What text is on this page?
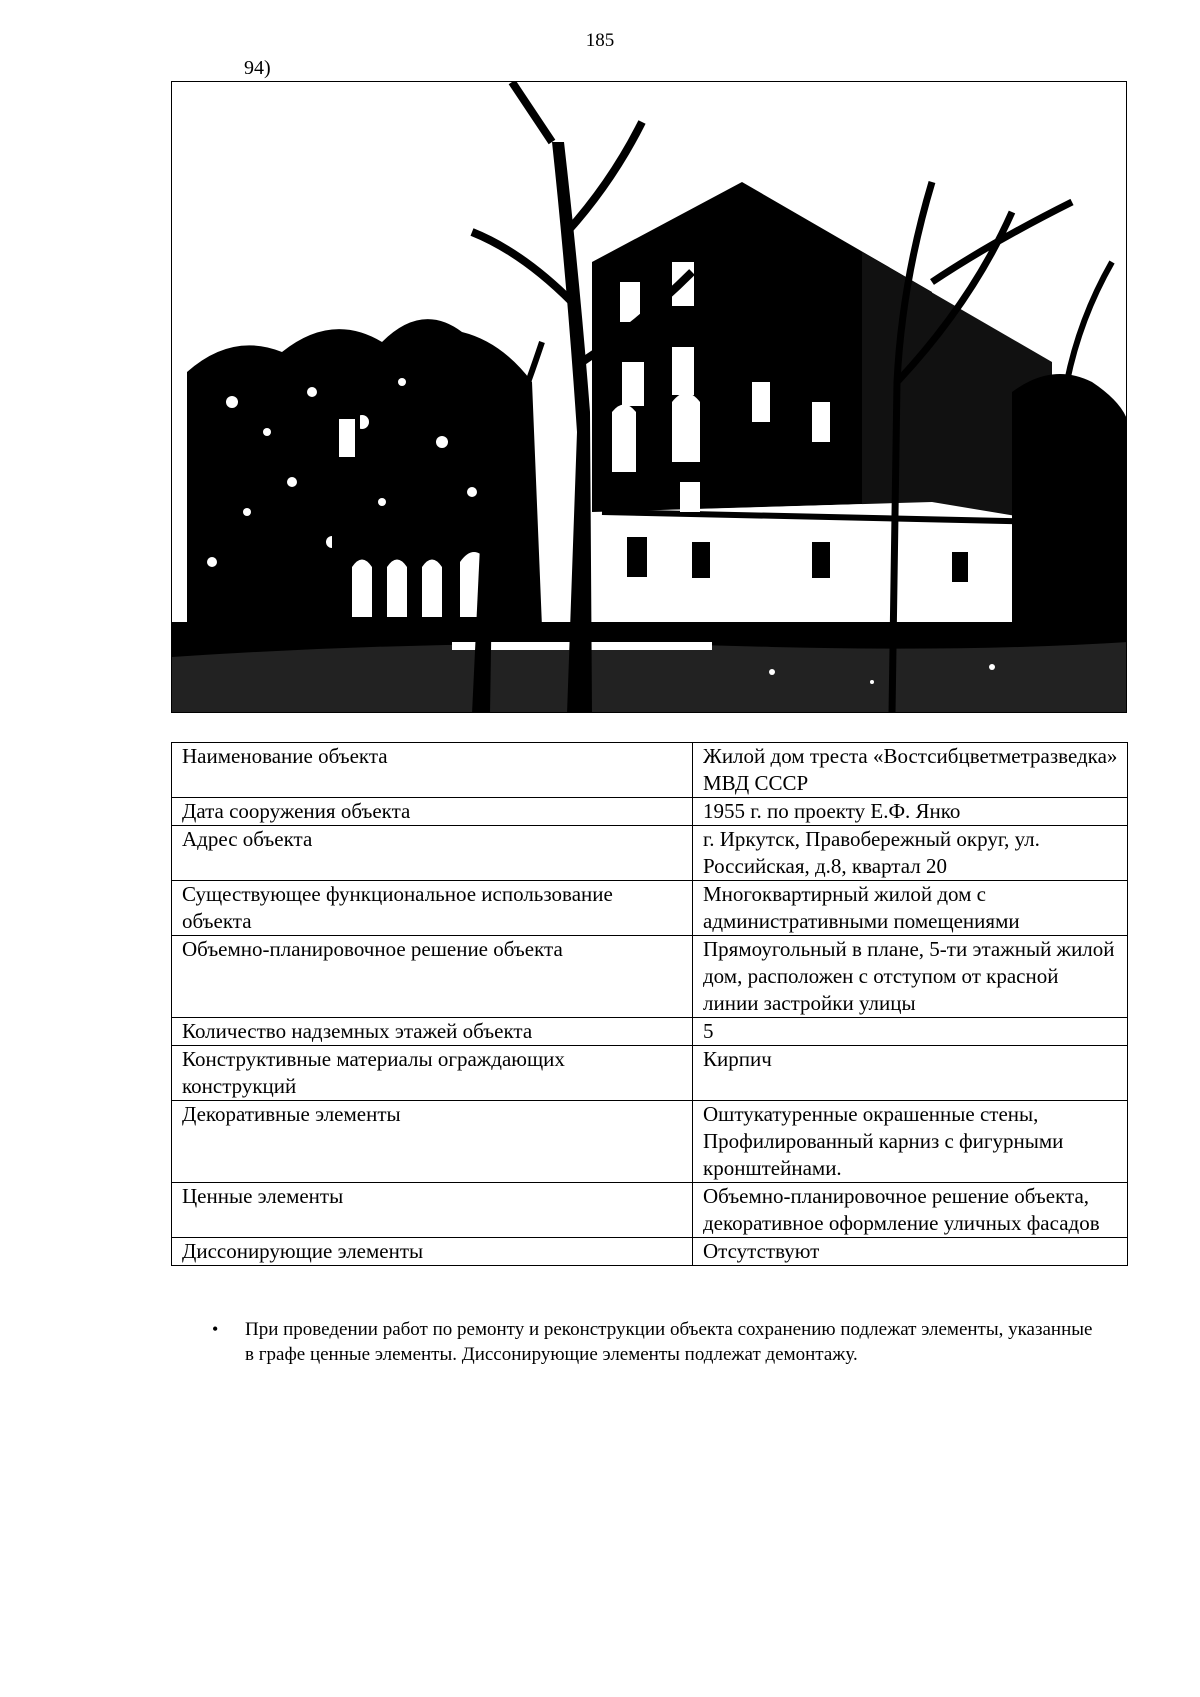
185
94)
Наименование объекта	Жилой дом треста «Востсибцветметразведка» МВД СССР
Дата сооружения объекта	1955 г. по проекту Е.Ф. Янко
Адрес объекта	г. Иркутск, Правобережный округ, ул. Российская, д.8, квартал 20
Существующее функциональное использование объекта	Многоквартирный жилой дом с административными помещениями
Объемно-планировочное решение объекта	Прямоугольный в плане, 5-ти этажный жилой дом, расположен с отступом от красной линии застройки улицы
Количество надземных этажей объекта	5
Конструктивные материалы ограждающих конструкций	Кирпич
Декоративные элементы	Оштукатуренные окрашенные стены, Профилированный карниз с фигурными кронштейнами.
Ценные элементы	Объемно-планировочное решение объекта, декоративное оформление уличных фасадов
Диссонирующие элементы	Отсутствуют
• При проведении работ по ремонту и реконструкции объекта сохранению подлежат элементы, указанные в графе ценные элементы. Диссонирующие элементы подлежат демонтажу.
